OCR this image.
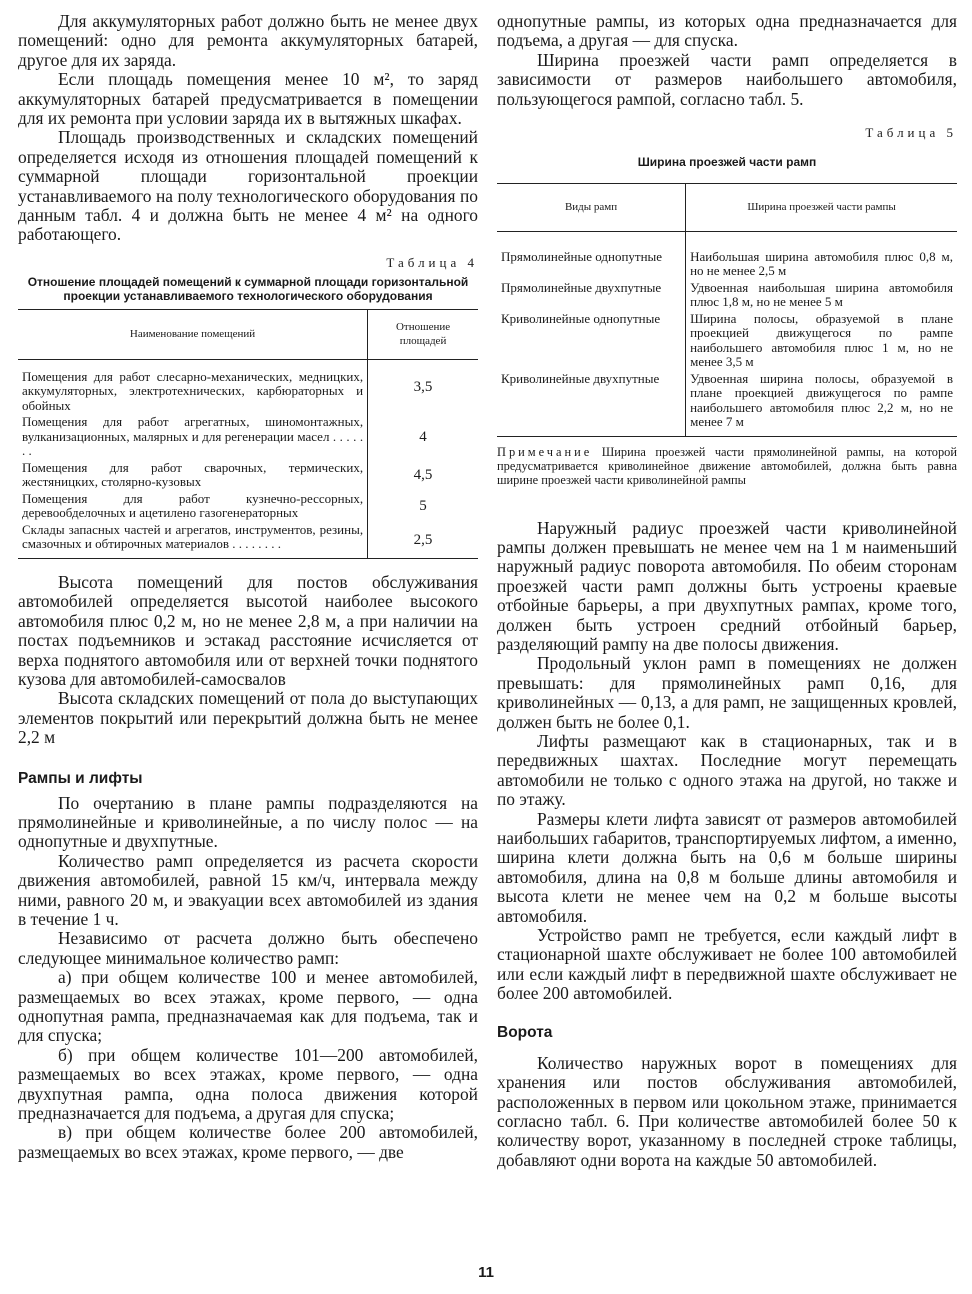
Для аккумуляторных работ должно быть не менее двух помещений: одно для ремонта аккумуляторных батарей, другое для их заряда.

Если площадь помещения менее 10 м², то заряд аккумуляторных батарей предусматривается в помещении для их ремонта при условии заряда их в вытяжных шкафах.

Площадь производственных и складских помещений определяется исходя из отношения площадей помещений к суммарной площади горизонтальной проекции устанавливаемого на полу технологического оборудования по данным табл. 4 и должна быть не менее 4 м² на одного работающего.

Таблица 4
Отношение площадей помещений к суммарной площади горизонтальной проекции устанавливаемого технологического оборудования
Наименование помещений	Отношение площадей
Помещения для работ слесарно-механических, медницких, аккумуляторных, электротехнических, карбюраторных и обойных	3,5
Помещения для работ агрегатных, шиномонтажных, вулканизационных, малярных и для регенерации масел . . . . . . .	4
Помещения для работ сварочных, термических, жестяницких, столярно-кузовых	4,5
Помещения для работ кузнечно-рессорных, деревообделочных и ацетилено газогенераторных	5
Склады запасных частей и агрегатов, инструментов, резины, смазочных и обтирочных материалов . . . . . . . .	2,5

Высота помещений для постов обслуживания автомобилей определяется высотой наиболее высокого автомобиля плюс 0,2 м, но не менее 2,8 м, а при наличии на постах подъемников и эстакад расстояние исчисляется от верха поднятого автомобиля или от верхней точки поднятого кузова для автомобилей-самосвалов

Высота складских помещений от пола до выступающих элементов покрытий или перекрытий должна быть не менее 2,2 м

Рампы и лифты

По очертанию в плане рампы подразделяются на прямолинейные и криволинейные, а по числу полос — на однопутные и двухпутные.

Количество рамп определяется из расчета скорости движения автомобилей, равной 15 км/ч, интервала между ними, равного 20 м, и эвакуации всех автомобилей из здания в течение 1 ч.

Независимо от расчета должно быть обеспечено следующее минимальное количество рамп:

а) при общем количестве 100 и менее автомобилей, размещаемых во всех этажах, кроме первого, — одна однопутная рампа, предназначаемая как для подъема, так и для спуска;

б) при общем количестве 101—200 автомобилей, размещаемых во всех этажах, кроме первого, — одна двухпутная рампа, одна полоса движения которой предназначается для подъема, а другая для спуска;

в) при общем количестве более 200 автомобилей, размещаемых во всех этажах, кроме первого, — две

однопутные рампы, из которых одна предназначается для подъема, а другая — для спуска.

Ширина проезжей части рамп определяется в зависимости от размеров наибольшего автомобиля, пользующегося рампой, согласно табл. 5.

Таблица 5
Ширина проезжей части рамп
Виды рамп	Ширина проезжей части рампы
Прямолинейные однопутные	Наибольшая ширина автомобиля плюс 0,8 м, но не менее 2,5 м
Прямолинейные двухпутные	Удвоенная наибольшая ширина автомобиля плюс 1,8 м, но не менее 5 м
Криволинейные однопутные	Ширина полосы, образуемой в плане проекцией движущегося по рампе наибольшего автомобиля плюс 1 м, но не менее 3,5 м
Криволинейные двухпутные	Удвоенная ширина полосы, образуемой в плане проекцией движущегося по рампе наибольшего автомобиля плюс 2,2 м, но не менее 7 м
Примечание Ширина проезжей части прямолинейной рампы, на которой предусматривается криволинейное движение автомобилей, должна быть равна ширине проезжей части криволинейной рампы

Наружный радиус проезжей части криволинейной рампы должен превышать не менее чем на 1 м наименьший наружный радиус поворота автомобиля. По обеим сторонам проезжей части рамп должны быть устроены краевые отбойные барьеры, а при двухпутных рампах, кроме того, должен быть устроен средний отбойный барьер, разделяющий рампу на две полосы движения.

Продольный уклон рамп в помещениях не должен превышать: для прямолинейных рамп 0,16, для криволинейных — 0,13, а для рамп, не защищенных кровлей, должен быть не более 0,1.

Лифты размещают как в стационарных, так и в передвижных шахтах. Последние могут перемещать автомобили не только с одного этажа на другой, но также и по этажу.

Размеры клети лифта зависят от размеров автомобилей наибольших габаритов, транспортируемых лифтом, а именно, ширина клети должна быть на 0,6 м больше ширины автомобиля, длина на 0,8 м больше длины автомобиля и высота клети не менее чем на 0,2 м больше высоты автомобиля.

Устройство рамп не требуется, если каждый лифт в стационарной шахте обслуживает не более 100 автомобилей или если каждый лифт в передвижной шахте обслуживает не более 200 автомобилей.

Ворота

Количество наружных ворот в помещениях для хранения или постов обслуживания автомобилей, расположенных в первом или цокольном этаже, принимается согласно табл. 6. При количестве автомобилей более 50 к количеству ворот, указанному в последней строке таблицы, добавляют одни ворота на каждые 50 автомобилей.

11
